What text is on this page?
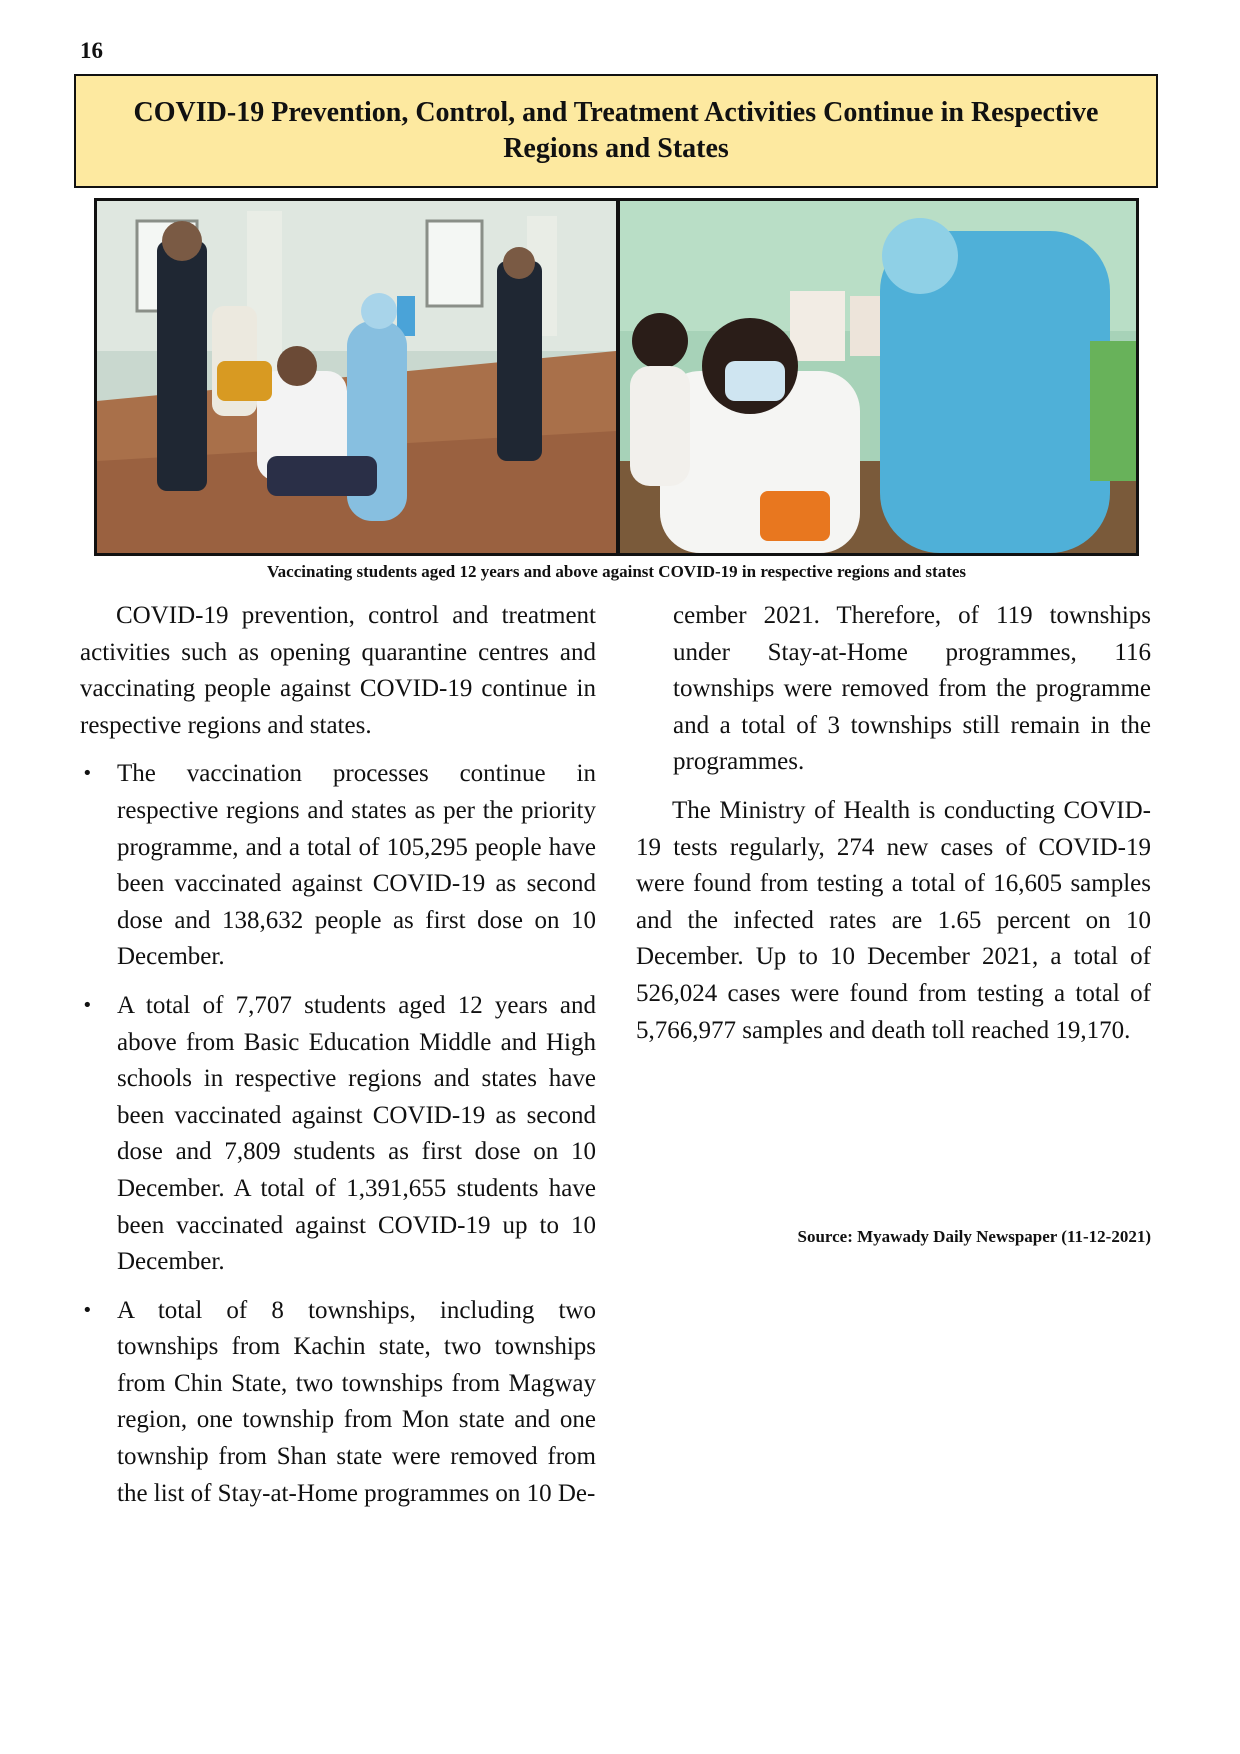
16
COVID-19 Prevention, Control, and Treatment Activities Continue in Respective
Regions and States
Vaccinating students aged 12 years and above against COVID-19 in respective regions and states

COVID-19 prevention, control and treatment activities such as opening quarantine centres and vaccinating people against COVID-19 continue in respective regions and states.

• The vaccination processes continue in respective regions and states as per the priority programme, and a total of 105,295 people have been vaccinated against COVID-19 as second dose and 138,632 people as first dose on 10 December.
• A total of 7,707 students aged 12 years and above from Basic Education Middle and High schools in respective regions and states have been vaccinated against COVID-19 as second dose and 7,809 students as first dose on 10 December. A total of 1,391,655 students have been vaccinated against COVID-19 up to 10 December.
• A total of 8 townships, including two townships from Kachin state, two townships from Chin State, two townships from Magway region, one township from Mon state and one township from Shan state were removed from the list of Stay-at-Home programmes on 10 De-

cember 2021. Therefore, of 119 townships under Stay-at-Home programmes, 116 townships were removed from the programme and a total of 3 townships still remain in the programmes.

The Ministry of Health is conducting COVID-19 tests regularly, 274 new cases of COVID-19 were found from testing a total of 16,605 samples and the infected rates are 1.65 percent on 10 December. Up to 10 December 2021, a total of 526,024 cases were found from testing a total of 5,766,977 samples and death toll reached 19,170.

Source: Myawady Daily Newspaper (11-12-2021)
